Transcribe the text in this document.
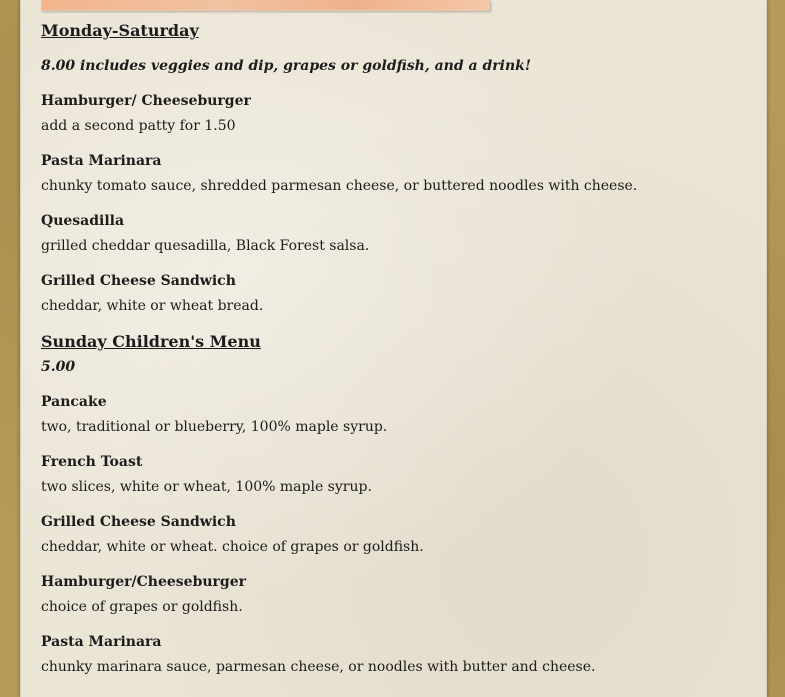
Monday-Saturday

8.00 includes veggies and dip, grapes or goldfish, and a drink!

Hamburger/ Cheeseburger

add a second patty for 1.50

Pasta Marinara

chunky tomato sauce, shredded parmesan cheese, or buttered noodles with cheese.

Quesadilla

grilled cheddar quesadilla, Black Forest salsa.

Grilled Cheese Sandwich

cheddar, white or wheat bread.

Sunday Children's Menu

5.00

Pancake

two, traditional or blueberry, 100% maple syrup.

French Toast

two slices, white or wheat, 100% maple syrup.

Grilled Cheese Sandwich

cheddar, white or wheat. choice of grapes or goldfish.

Hamburger/Cheeseburger

choice of grapes or goldfish.

Pasta Marinara

chunky marinara sauce, parmesan cheese, or noodles with butter and cheese.
